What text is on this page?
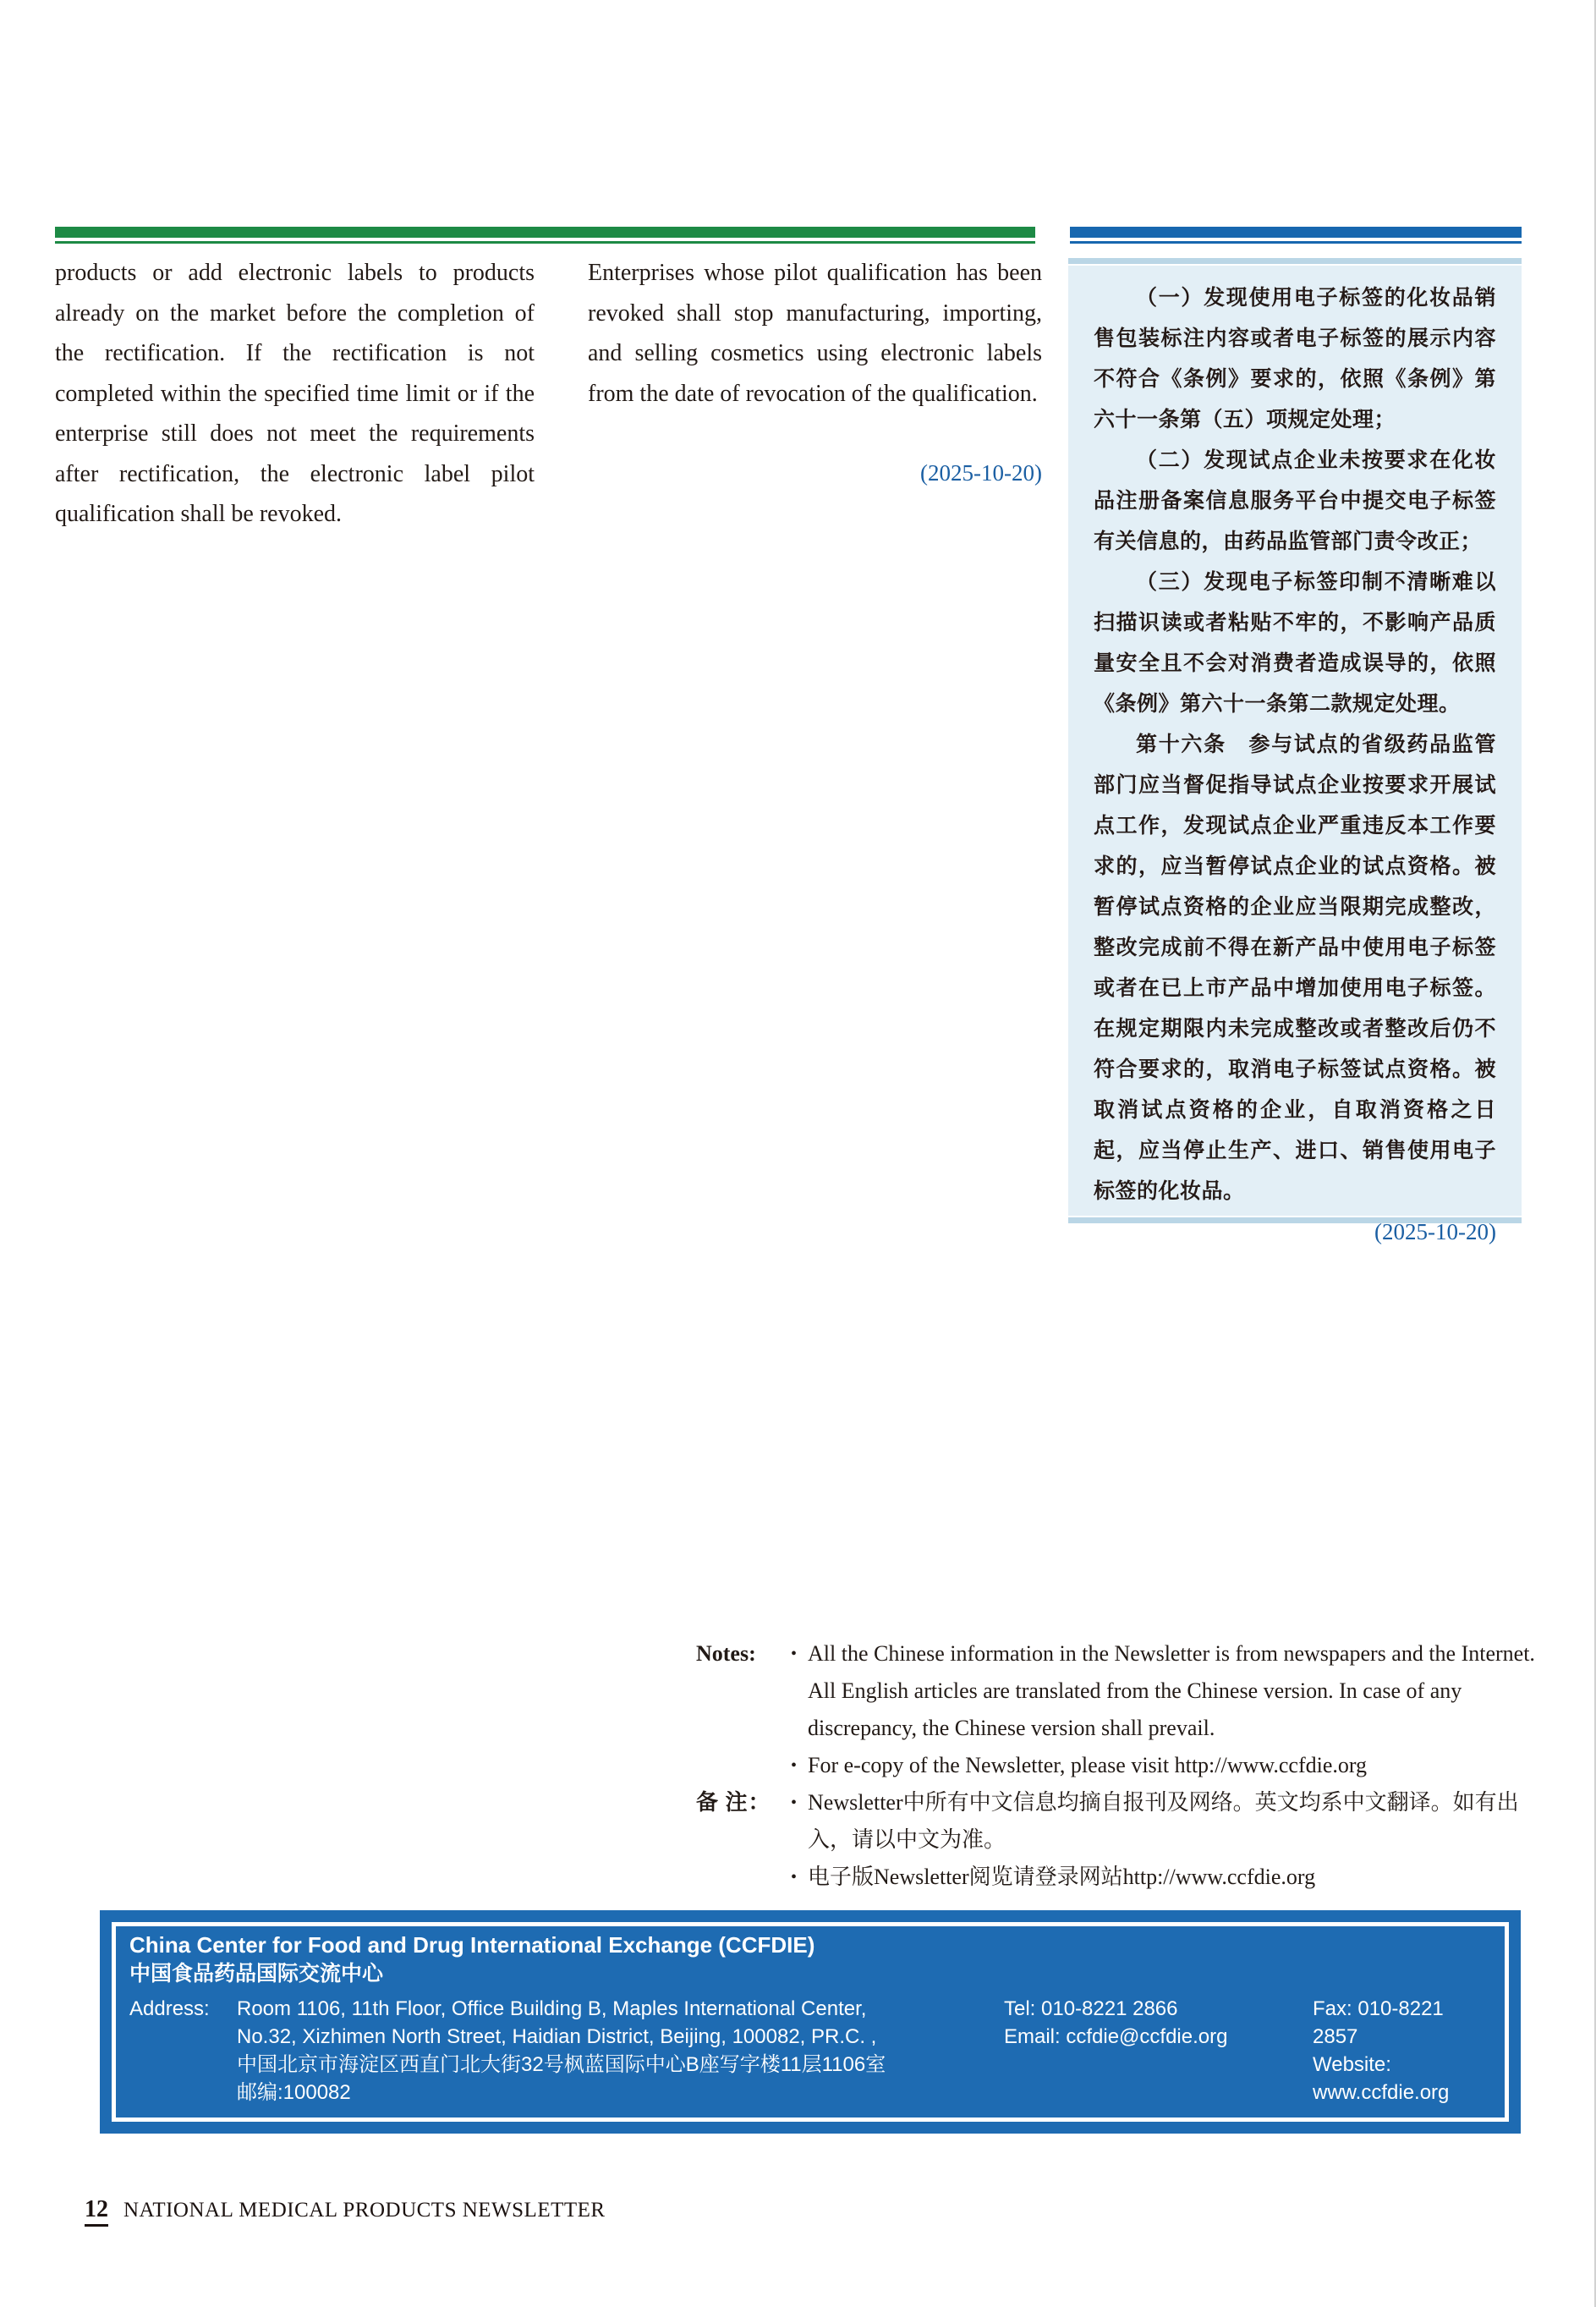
products or add electronic labels to products already on the market before the completion of the rectification. If the rectification is not completed within the specified time limit or if the enterprise still does not meet the requirements after rectification, the electronic label pilot qualification shall be revoked.

Enterprises whose pilot qualification has been revoked shall stop manufacturing, importing, and selling cosmetics using electronic labels from the date of revocation of the qualification.

(2025-10-20)

（一）发现使用电子标签的化妆品销售包装标注内容或者电子标签的展示内容不符合《条例》要求的，依照《条例》第六十一条第（五）项规定处理；

（二）发现试点企业未按要求在化妆品注册备案信息服务平台中提交电子标签有关信息的，由药品监管部门责令改正；

（三）发现电子标签印制不清晰难以扫描识读或者粘贴不牢的，不影响产品质量安全且不会对消费者造成误导的，依照《条例》第六十一条第二款规定处理。

第十六条　参与试点的省级药品监管部门应当督促指导试点企业按要求开展试点工作，发现试点企业严重违反本工作要求的，应当暂停试点企业的试点资格。被暂停试点资格的企业应当限期完成整改，整改完成前不得在新产品中使用电子标签或者在已上市产品中增加使用电子标签。在规定期限内未完成整改或者整改后仍不符合要求的，取消电子标签试点资格。被取消试点资格的企业，自取消资格之日起，应当停止生产、进口、销售使用电子标签的化妆品。

(2025-10-20)

Notes:	• All the Chinese information in the Newsletter is from newspapers and the Internet. All English articles are translated from the Chinese version. In case of any discrepancy, the Chinese version shall prevail.
• For e-copy of the Newsletter, please visit http://www.ccfdie.org
备 注：	• Newsletter中所有中文信息均摘自报刊及网络。英文均系中文翻译。如有出入，请以中文为准。
• 电子版Newsletter阅览请登录网站http://www.ccfdie.org

China Center for Food and Drug International Exchange (CCFDIE)

中国食品药品国际交流中心

Address: Room 1106, 11th Floor, Office Building B, Maples International Center,

No.32, Xizhimen North Street, Haidian District, Beijing, 100082, PR.C. ,

中国北京市海淀区西直门北大街32号枫蓝国际中心B座写字楼11层1106室

邮编:100082

Tel: 010-8221 2866

Email: ccfdie@ccfdie.org

Fax: 010-8221 2857

Website: www.ccfdie.org

12 NATIONAL MEDICAL PRODUCTS NEWSLETTER
